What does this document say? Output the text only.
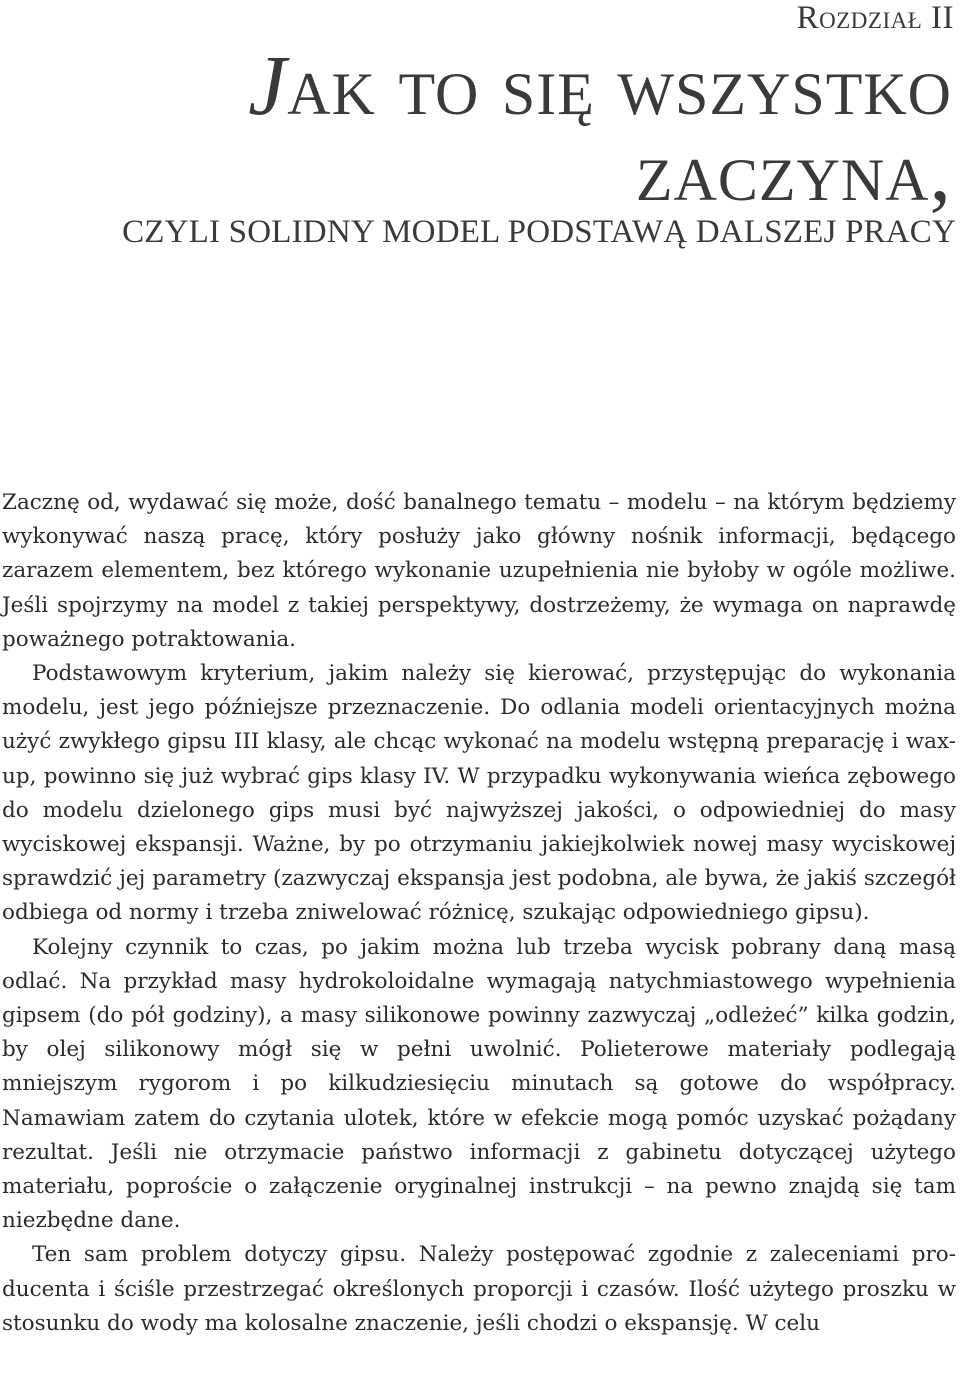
Rozdział II
Jak to się wszystko
zaczyna,
CZYLI SOLIDNY MODEL PODSTAWĄ DALSZEJ PRACY

Zacznę od, wydawać się może, dość banalnego tematu – modelu – na którym będziemy wykonywać naszą pracę, który posłuży jako główny nośnik informacji, będącego zarazem elementem, bez którego wykonanie uzupełnienia nie byłoby w ogóle możliwe. Jeśli spojrzymy na model z takiej perspektywy, dostrzeżemy, że wymaga on naprawdę poważnego potraktowania.

Podstawowym kryterium, jakim należy się kierować, przystępując do wykonania modelu, jest jego późniejsze przeznaczenie. Do odlania modeli orientacyjnych można użyć zwykłego gipsu III klasy, ale chcąc wykonać na modelu wstępną preparację i wax-up, powinno się już wybrać gips klasy IV. W przypadku wykonywania wieńca zębowego do modelu dzielonego gips musi być najwyższej jakości, o odpowiedniej do masy wyciskowej ekspansji. Ważne, by po otrzymaniu jakiejkolwiek nowej masy wyciskowej sprawdzić jej parametry (zazwyczaj ekspansja jest podobna, ale bywa, że jakiś szczegół odbiega od normy i trzeba zniwelować różnicę, szukając odpowiedniego gipsu).

Kolejny czynnik to czas, po jakim można lub trzeba wycisk pobrany daną masą odlać. Na przykład masy hydrokoloidalne wymagają natychmiastowego wypełnienia gipsem (do pół godziny), a masy silikonowe powinny zazwyczaj „odleżeć” kilka godzin, by olej silikonowy mógł się w pełni uwolnić. Polieterowe materiały podlegają mniejszym rygorom i po kilkudziesięciu minutach są gotowe do współpracy. Namawiam zatem do czytania ulotek, które w efekcie mogą pomóc uzyskać pożądany rezultat. Jeśli nie otrzymacie państwo informacji z gabinetu dotyczącej użytego materiału, poproście o załączenie oryginalnej instrukcji – na pewno znajdą się tam niezbędne dane.

Ten sam problem dotyczy gipsu. Należy postępować zgodnie z zaleceniami producenta i ściśle przestrzegać określonych proporcji i czasów. Ilość użytego proszku w stosunku do wody ma kolosalne znaczenie, jeśli chodzi o ekspansję. W celu
